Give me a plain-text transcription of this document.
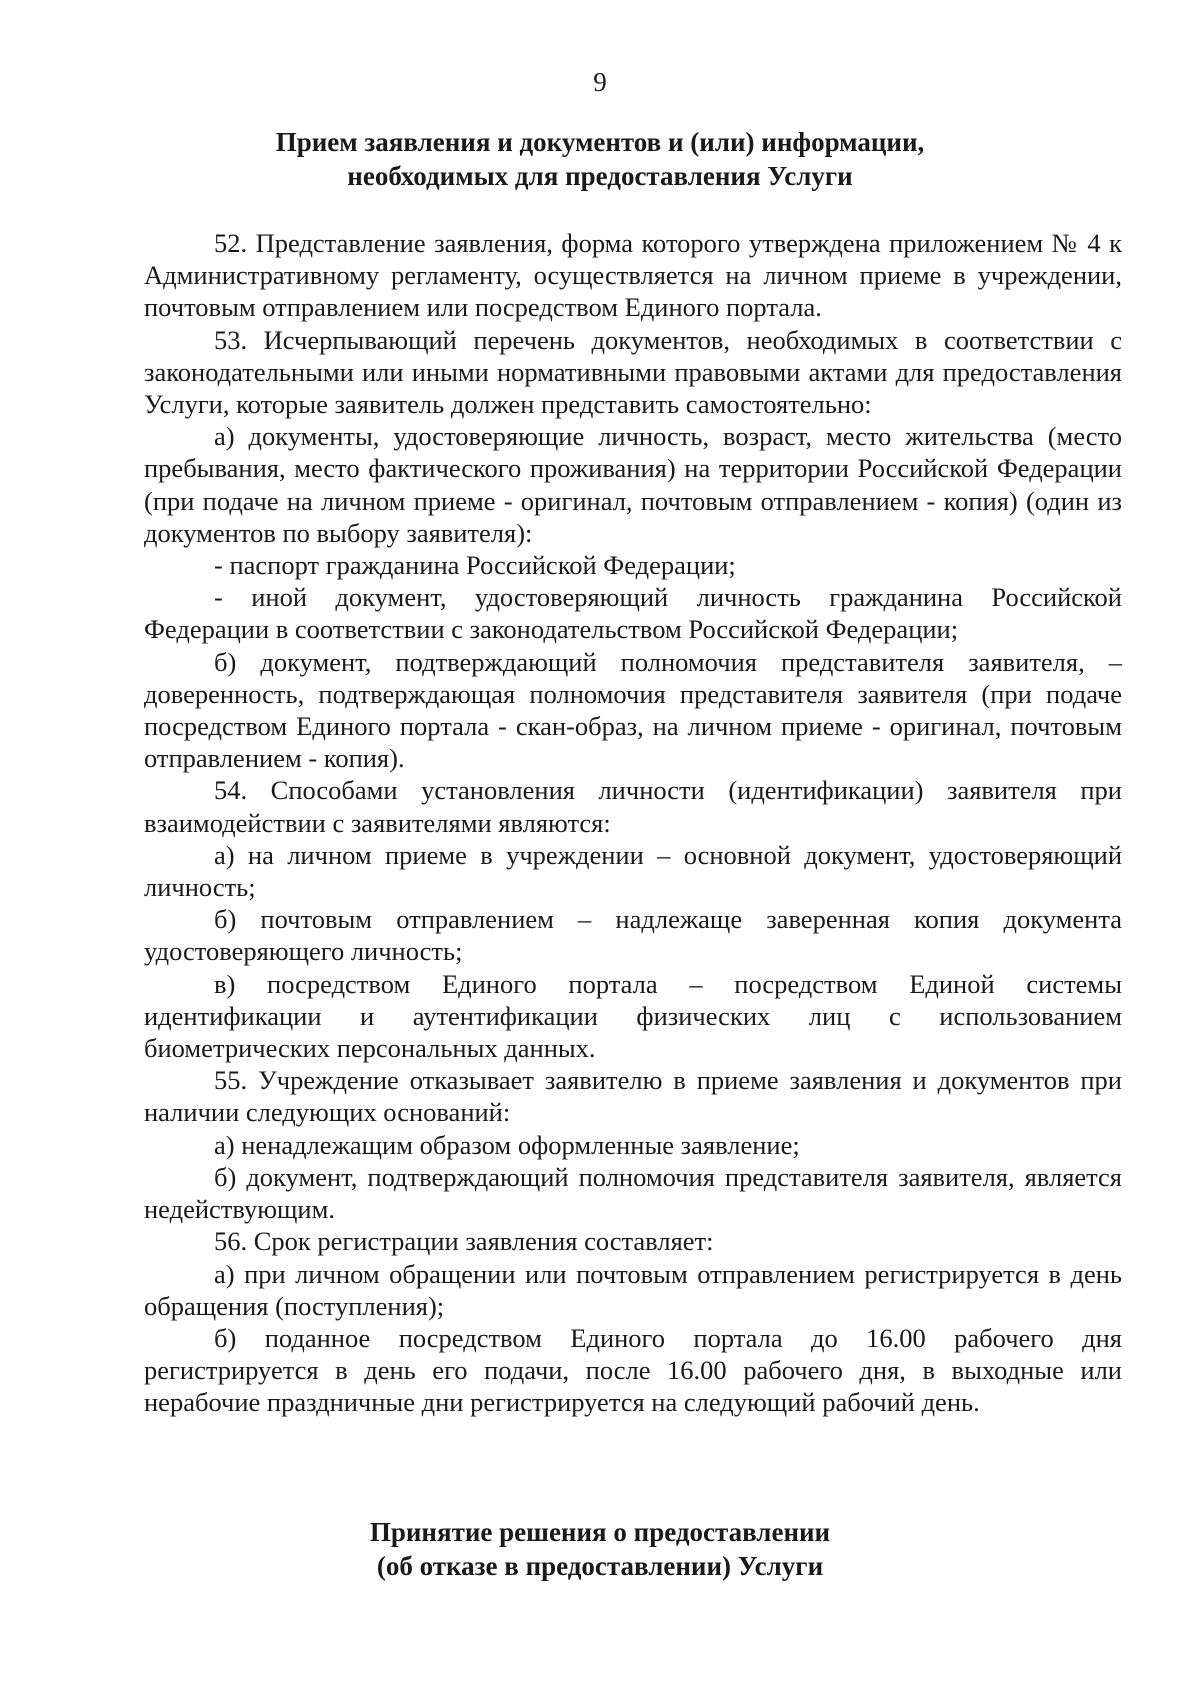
9
Прием заявления и документов и (или) информации,
необходимых для предоставления Услуги

52. Представление заявления, форма которого утверждена приложением № 4 к Административному регламенту, осуществляется на личном приеме в учреждении, почтовым отправлением или посредством Единого портала.

53. Исчерпывающий перечень документов, необходимых в соответствии с законодательными или иными нормативными правовыми актами для предоставления Услуги, которые заявитель должен представить самостоятельно:

а) документы, удостоверяющие личность, возраст, место жительства (место пребывания, место фактического проживания) на территории Российской Федерации (при подаче на личном приеме - оригинал, почтовым отправлением - копия) (один из документов по выбору заявителя):

- паспорт гражданина Российской Федерации;

- иной документ, удостоверяющий личность гражданина Российской Федерации в соответствии с законодательством Российской Федерации;

б) документ, подтверждающий полномочия представителя заявителя, – доверенность, подтверждающая полномочия представителя заявителя (при подаче посредством Единого портала - скан-образ, на личном приеме - оригинал, почтовым отправлением - копия).

54. Способами установления личности (идентификации) заявителя при взаимодействии с заявителями являются:

а) на личном приеме в учреждении – основной документ, удостоверяющий личность;

б) почтовым отправлением – надлежаще заверенная копия документа удостоверяющего личность;

в) посредством Единого портала – посредством Единой системы идентификации и аутентификации физических лиц с использованием биометрических персональных данных.

55. Учреждение отказывает заявителю в приеме заявления и документов при наличии следующих оснований:

а) ненадлежащим образом оформленные заявление;

б) документ, подтверждающий полномочия представителя заявителя, является недействующим.

56. Срок регистрации заявления составляет:

а) при личном обращении или почтовым отправлением регистрируется в день обращения (поступления);

б) поданное посредством Единого портала до 16.00 рабочего дня регистрируется в день его подачи, после 16.00 рабочего дня, в выходные или нерабочие праздничные дни регистрируется на следующий рабочий день.

Принятие решения о предоставлении
(об отказе в предоставлении) Услуги
